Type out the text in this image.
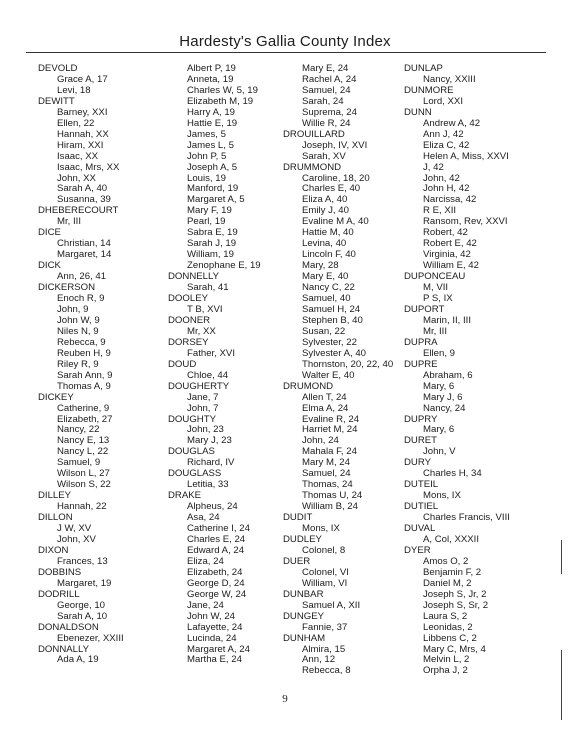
Hardesty's Gallia County Index
DEVOLD
Grace A, 17
Levi, 18
DEWITT
Barney, XXI
Ellen, 22
Hannah, XX
Hiram, XXI
Isaac, XX
Isaac, Mrs, XX
John, XX
Sarah A, 40
Susanna, 39
DHEBERECOURT
Mr, III
DICE
Christian, 14
Margaret, 14
DICK
Ann, 26, 41
DICKERSON
Enoch R, 9
John, 9
John W, 9
Niles N, 9
Rebecca, 9
Reuben H, 9
Riley R, 9
Sarah Ann, 9
Thomas A, 9
DICKEY
Catherine, 9
Elizabeth, 27
Nancy, 22
Nancy E, 13
Nancy L, 22
Samuel, 9
Wilson L, 27
Wilson S, 22
DILLEY
Hannah, 22
DILLON
J W, XV
John, XV
DIXON
Frances, 13
DOBBINS
Margaret, 19
DODRILL
George, 10
Sarah A, 10
DONALDSON
Ebenezer, XXIII
DONNALLY
Ada A, 19
Albert P, 19
Anneta, 19
Charles W, 5, 19
Elizabeth M, 19
Harry A, 19
Hattie E, 19
James, 5
James L, 5
John P, 5
Joseph A, 5
Louis, 19
Manford, 19
Margaret A, 5
Mary F, 19
Pearl, 19
Sabra E, 19
Sarah J, 19
William, 19
Zenophane E, 19
DONNELLY
Sarah, 41
DOOLEY
T B, XVI
DOONER
Mr, XX
DORSEY
Father, XVI
DOUD
Chloe, 44
DOUGHERTY
Jane, 7
John, 7
DOUGHTY
John, 23
Mary J, 23
DOUGLAS
Richard, IV
DOUGLASS
Letitia, 33
DRAKE
Alpheus, 24
Asa, 24
Catherine I, 24
Charles E, 24
Edward A, 24
Eliza, 24
Elizabeth, 24
George D, 24
George W, 24
Jane, 24
John W, 24
Lafayette, 24
Lucinda, 24
Margaret A, 24
Martha E, 24
Mary E, 24
Rachel A, 24
Samuel, 24
Sarah, 24
Suprema, 24
Willie R, 24
DROUILLARD
Joseph, IV, XVI
Sarah, XV
DRUMMOND
Caroline, 18, 20
Charles E, 40
Eliza A, 40
Emily J, 40
Evaline M A, 40
Hattie M, 40
Levina, 40
Lincoln F, 40
Mary, 28
Mary E, 40
Nancy C, 22
Samuel, 40
Samuel H, 24
Stephen B, 40
Susan, 22
Sylvester, 22
Sylvester A, 40
Thornston, 20, 22, 40
Walter E, 40
DRUMOND
Allen T, 24
Elma A, 24
Evaline R, 24
Harriet M, 24
John, 24
Mahala F, 24
Mary M, 24
Samuel, 24
Thomas, 24
Thomas U, 24
William B, 24
DUDIT
Mons, IX
DUDLEY
Colonel, 8
DUER
Colonel, VI
William, VI
DUNBAR
Samuel A, XII
DUNGEY
Fannie, 37
DUNHAM
Almira, 15
Ann, 12
Rebecca, 8
DUNLAP
Nancy, XXIII
DUNMORE
Lord, XXI
DUNN
Andrew A, 42
Ann J, 42
Eliza C, 42
Helen A, Miss, XXVI
J, 42
John, 42
John H, 42
Narcissa, 42
R E, XII
Ransom, Rev, XXVI
Robert, 42
Robert E, 42
Virginia, 42
William E, 42
DUPONCEAU
M, VII
P S, IX
DUPORT
Marin, II, III
Mr, III
DUPRA
Ellen, 9
DUPRE
Abraham, 6
Mary, 6
Mary J, 6
Nancy, 24
DUPRY
Mary, 6
DURET
John, V
DURY
Charles H, 34
DUTEIL
Mons, IX
DUTIEL
Charles Francis, VIII
DUVAL
A, Col, XXXII
DYER
Amos O, 2
Benjamin F, 2
Daniel M, 2
Joseph S, Jr, 2
Joseph S, Sr, 2
Laura S, 2
Leonidas, 2
Libbens C, 2
Mary C, Mrs, 4
Melvin L, 2
Orpha J, 2
9
